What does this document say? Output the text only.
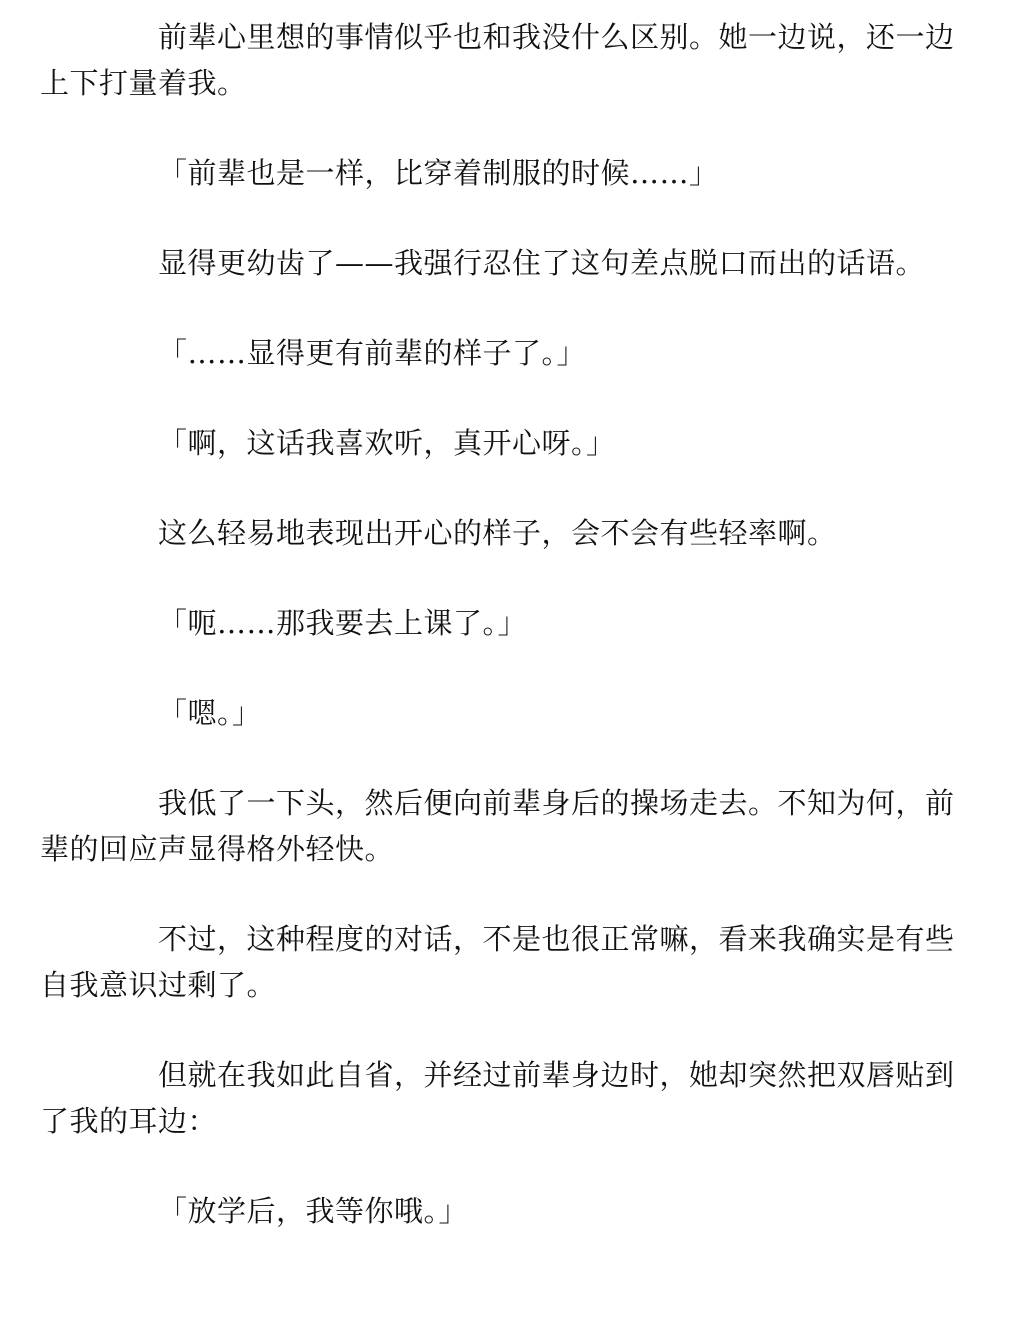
前辈心里想的事情似乎也和我没什么区别。她一边说，还一边上下打量着我。

「前辈也是一样，比穿着制服的时候……」

显得更幼齿了——我强行忍住了这句差点脱口而出的话语。

「……显得更有前辈的样子了。」

「啊，这话我喜欢听，真开心呀。」

这么轻易地表现出开心的样子，会不会有些轻率啊。

「呃……那我要去上课了。」

「嗯。」

我低了一下头，然后便向前辈身后的操场走去。不知为何，前辈的回应声显得格外轻快。

不过，这种程度的对话，不是也很正常嘛，看来我确实是有些自我意识过剩了。

但就在我如此自省，并经过前辈身边时，她却突然把双唇贴到了我的耳边：

「放学后，我等你哦。」
